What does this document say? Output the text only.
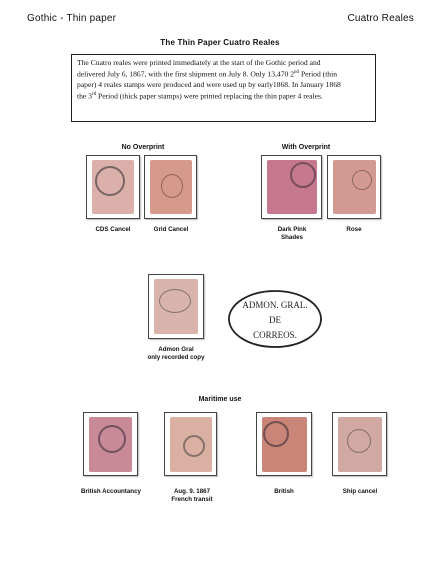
Gothic - Thin paper	Cuatro Reales
The Thin Paper Cuatro Reales
The Cuatro reales were printed immediately at the start of the Gothic period and
delivered July 6, 1867, with the first shipment on July 8. Only 13,470 2nd Period (thin
paper) 4 reales stamps were produced and were used up by early1868. In January 1868
the 3rd Period (thick paper stamps) were printed replacing the thin paper 4 reales.
No Overprint	With Overprint
CDS Cancel	Grid Cancel	Dark Pink
Shades
Rose
ADMON. GRAL.
DE
CORREOS.
Admon Gral
only recorded copy
Maritime use
British Accountancy	Aug. 9. 1867
French transit
British	Ship cancel
